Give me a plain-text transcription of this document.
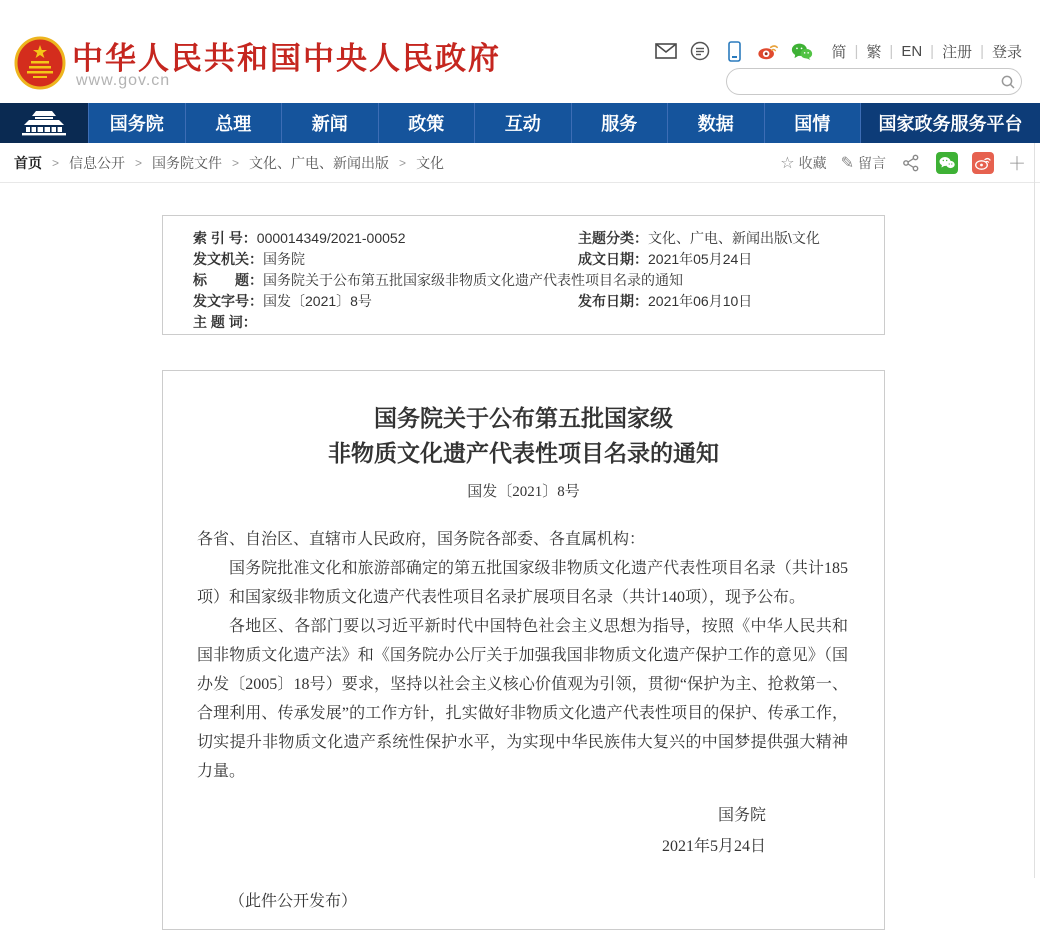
中华人民共和国中央人民政府
www.gov.cn
简 | 繁 | EN | 注册 | 登录
国务院	总理	新闻	政策	互动	服务	数据	国情	国家政务服务平台
首页 > 信息公开 > 国务院文件 > 文化、广电、新闻出版 > 文化	☆ 收藏 ✎ 留言	＋
索 引 号： 000014349/2021-00052	主题分类： 文化、广电、新闻出版\文化
发文机关： 国务院	成文日期： 2021年05月24日
标　　题： 国务院关于公布第五批国家级非物质文化遗产代表性项目名录的通知
发文字号： 国发〔2021〕8号	发布日期： 2021年06月10日
主 题 词：
国务院关于公布第五批国家级
非物质文化遗产代表性项目名录的通知
国发〔2021〕8号

各省、自治区、直辖市人民政府，国务院各部委、各直属机构：

国务院批准文化和旅游部确定的第五批国家级非物质文化遗产代表性项目名录（共计185项）和国家级非物质文化遗产代表性项目名录扩展项目名录（共计140项），现予公布。

各地区、各部门要以习近平新时代中国特色社会主义思想为指导，按照《中华人民共和国非物质文化遗产法》和《国务院办公厅关于加强我国非物质文化遗产保护工作的意见》（国办发〔2005〕18号）要求，坚持以社会主义核心价值观为引领，贯彻“保护为主、抢救第一、合理利用、传承发展”的工作方针，扎实做好非物质文化遗产代表性项目的保护、传承工作，切实提升非物质文化遗产系统性保护水平，为实现中华民族伟大复兴的中国梦提供强大精神力量。

国务院
2021年5月24日
（此件公开发布）
